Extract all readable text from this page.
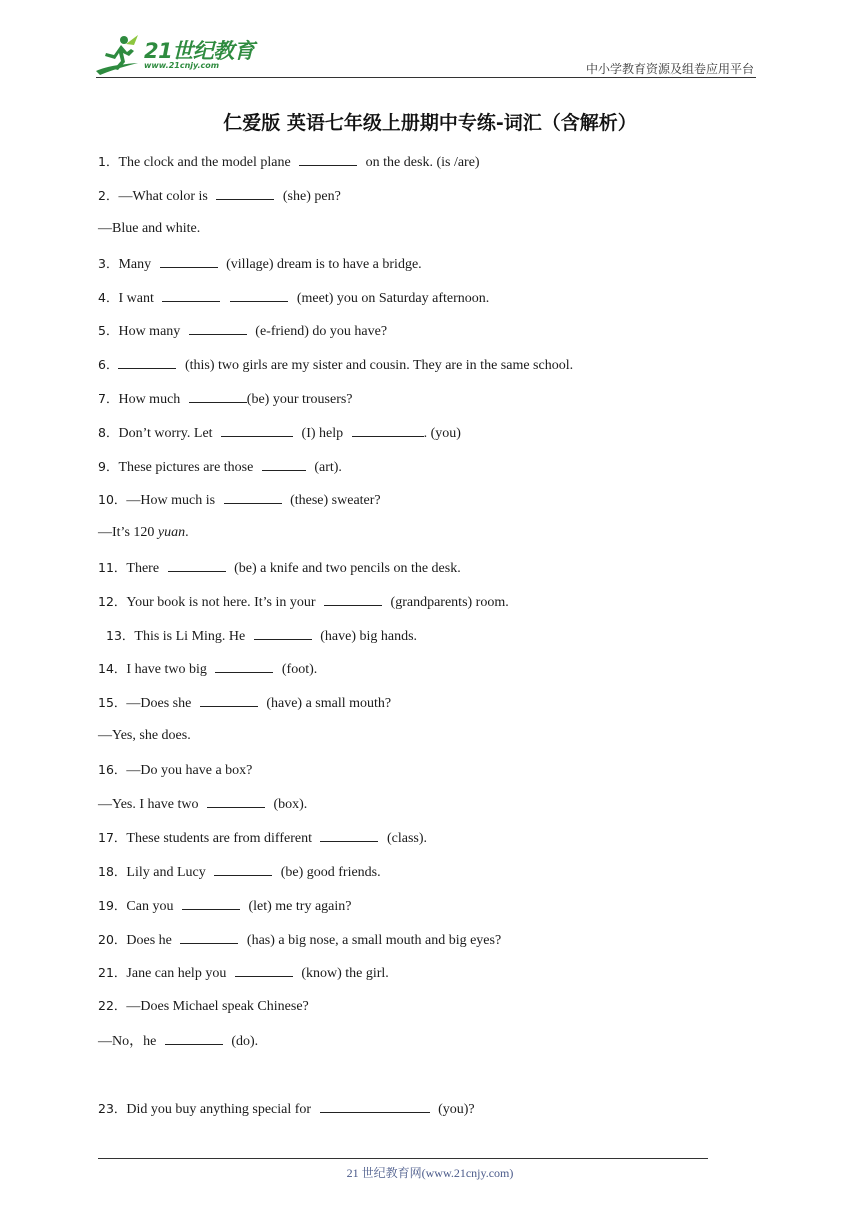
21世纪教育
www.21cnjy.com	中小学教育资源及组卷应用平台
仁爱版 英语七年级上册期中专练-词汇（含解析）
1．The clock and the model plane	on the desk. (is /are)
2．—What color is	(she) pen?
—Blue and white.
3．Many	(village) dream is to have a bridge.
4．I want	(meet) you on Saturday afternoon.
5．How many	(e-friend) do you have?
6．	(this) two girls are my sister and cousin. They are in the same school.
7．How much	(be) your trousers?
8．Don’t worry. Let	(I) help	. (you)
9．These pictures are those	(art).
10．—How much is	(these) sweater?
—It’s 120 yuan.
11．There	(be) a knife and two pencils on the desk.
12．Your book is not here. It’s in your	(grandparents) room.
13．This is Li Ming. He	(have) big hands.
14．I have two big	(foot).
15．—Does she	(have) a small mouth?
—Yes, she does.
16．—Do you have a box?
—Yes. I have two	(box).
17．These students are from different	(class).
18．Lily and Lucy	(be) good friends.
19．Can you	(let) me try again?
20．Does he	(has) a big nose, a small mouth and big eyes?
21．Jane can help you	(know) the girl.
22．—Does Michael speak Chinese?
—No，he	(do).
23．Did you buy anything special for	(you)?
21 世纪教育网(www.21cnjy.com)
